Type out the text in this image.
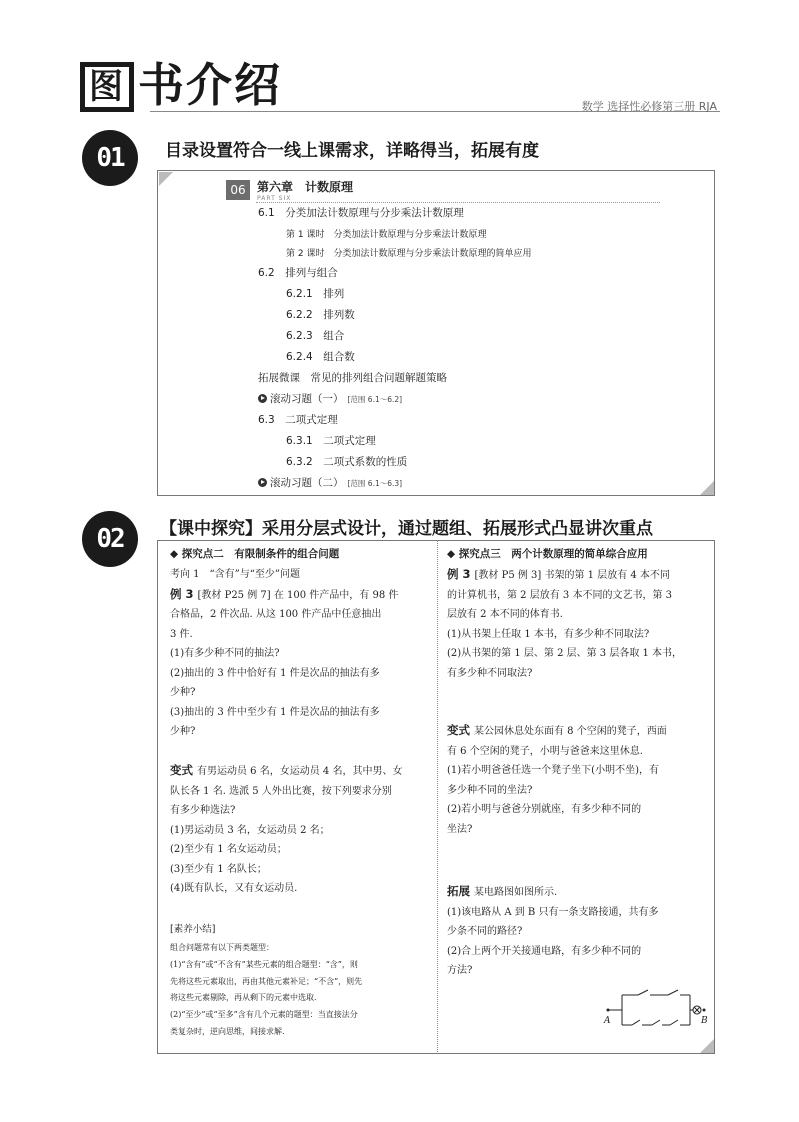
图 书介绍	数学 选择性必修第三册 RJA
01	目录设置符合一线上课需求，详略得当，拓展有度
06 第六章　计数原理
PART SIX
6.1　分类加法计数原理与分步乘法计数原理
第 1 课时　分类加法计数原理与分步乘法计数原理
第 2 课时　分类加法计数原理与分步乘法计数原理的简单应用
6.2　排列与组合
6.2.1　排列
6.2.2　排列数
6.2.3　组合
6.2.4　组合数
拓展微课　常见的排列组合问题解题策略
滚动习题（一） [范围 6.1～6.2]
6.3　二项式定理
6.3.1　二项式定理
6.3.2　二项式系数的性质
滚动习题（二） [范围 6.1～6.3]
02	【课中探究】采用分层式设计，通过题组、拓展形式凸显讲次重点
◆ 探究点二　有限制条件的组合问题

考向 1　“含有”与“至少”问题

例 3 [教材 P25 例 7] 在 100 件产品中，有 98 件

合格品，2 件次品. 从这 100 件产品中任意抽出

3 件.

(1)有多少种不同的抽法?

(2)抽出的 3 件中恰好有 1 件是次品的抽法有多

少种?

(3)抽出的 3 件中至少有 1 件是次品的抽法有多

少种?

变式 有男运动员 6 名，女运动员 4 名，其中男、女

队长各 1 名. 选派 5 人外出比赛，按下列要求分别

有多少种选法?

(1)男运动员 3 名，女运动员 2 名；

(2)至少有 1 名女运动员；

(3)至少有 1 名队长；

(4)既有队长，又有女运动员.

[素养小结]

组合问题常有以下两类题型：

(1)“含有”或“不含有”某些元素的组合题型：“含”，则

先将这些元素取出，再由其他元素补足；“不含”，则先

将这些元素剔除，再从剩下的元素中选取.

(2)“至少”或“至多”含有几个元素的题型：当直接法分

类复杂时，逆向思维，间接求解.

◆ 探究点三　两个计数原理的简单综合应用

例 3 [教材 P5 例 3] 书架的第 1 层放有 4 本不同

的计算机书，第 2 层放有 3 本不同的文艺书，第 3

层放有 2 本不同的体育书.

(1)从书架上任取 1 本书，有多少种不同取法?

(2)从书架的第 1 层、第 2 层、第 3 层各取 1 本书，

有多少种不同取法?

变式 某公园休息处东面有 8 个空闲的凳子，西面

有 6 个空闲的凳子，小明与爸爸来这里休息.

(1)若小明爸爸任选一个凳子坐下(小明不坐)，有

多少种不同的坐法?

(2)若小明与爸爸分别就座，有多少种不同的

坐法?

拓展 某电路图如图所示.

(1)该电路从 A 到 B 只有一条支路接通，共有多

少条不同的路径?

(2)合上两个开关接通电路，有多少种不同的

方法?

A	B
